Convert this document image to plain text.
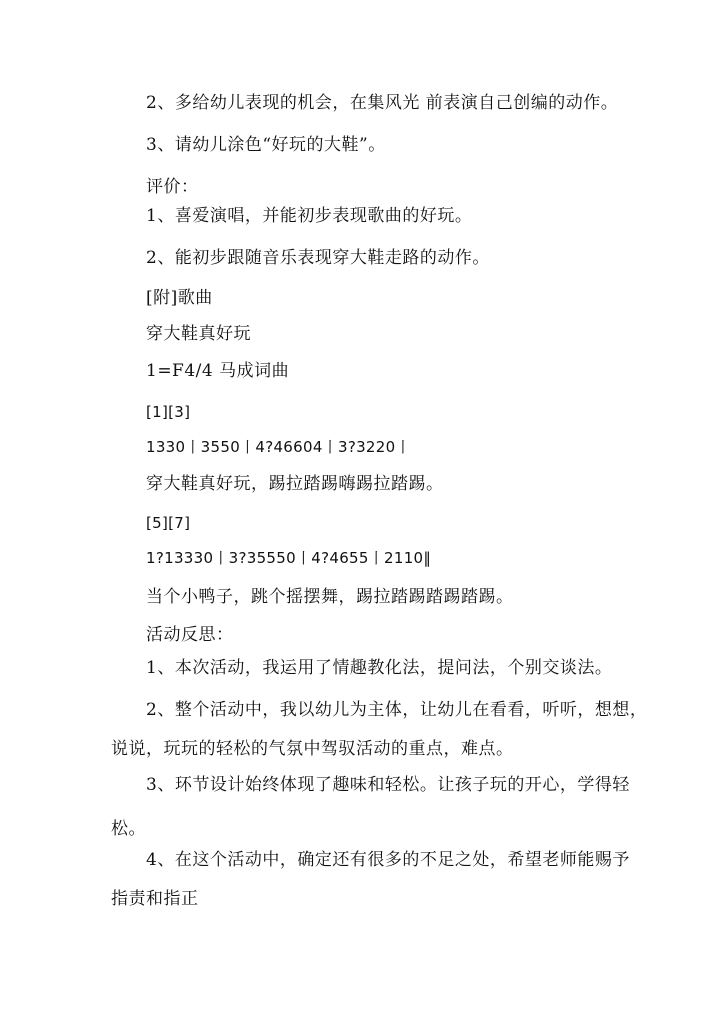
2、多给幼儿表现的机会，在集风光 前表演自己创编的动作。
3、请幼儿涂色“好玩的大鞋”。
评价：
1、喜爱演唱，并能初步表现歌曲的好玩。
2、能初步跟随音乐表现穿大鞋走路的动作。
[附]歌曲
穿大鞋真好玩
1=F4/4 马成词曲
[1][3]
1330丨3550丨4?46604丨3?3220丨
穿大鞋真好玩，踢拉踏踢嗨踢拉踏踢。
[5][7]
1?13330丨3?35550丨4?4655丨2110‖
当个小鸭子，跳个摇摆舞，踢拉踏踢踏踢踏踢。
活动反思：
1、本次活动，我运用了情趣教化法，提问法，个别交谈法。
2、整个活动中，我以幼儿为主体，让幼儿在看看，听听，想想，
说说，玩玩的轻松的气氛中驾驭活动的重点，难点。
3、环节设计始终体现了趣味和轻松。让孩子玩的开心，学得轻
松。
4、在这个活动中，确定还有很多的不足之处，希望老师能赐予
指责和指正
